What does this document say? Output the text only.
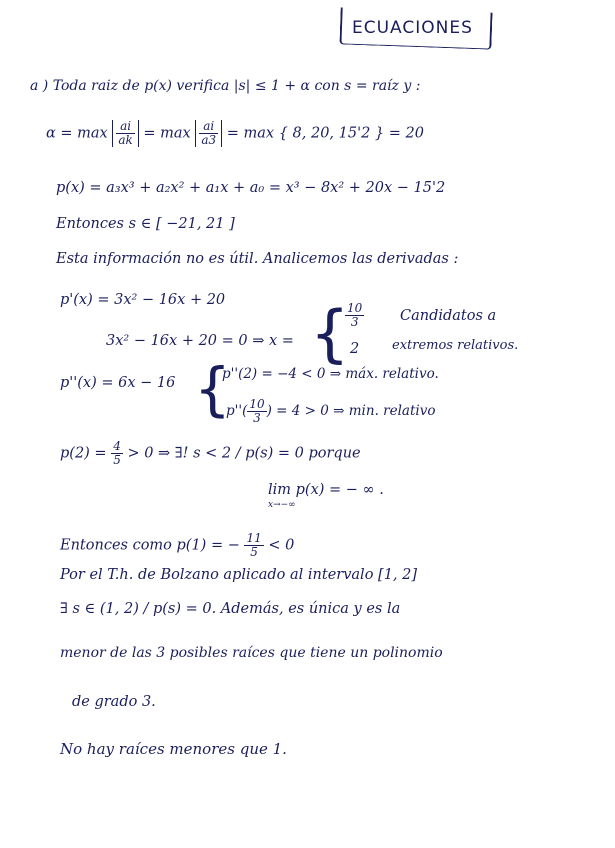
ECUACIONES
a ) Toda raiz de p(x) verifica |s| ≤ 1 + α con s = raíz y :
$\alpha = \max \frac{ai}{ak} = \max \frac{ai}{a3} = \max$ { 8, 20, 15'2 } = 20
p(x) = a₃x³ + a₂x² + a₁x + a₀ = x³ − 8x² + 20x − 15'2
Entonces s ∈ [ −21, 21 ]
Esta información no es útil. Analicemos las derivadas :
p'(x) = 3x² − 16x + 20
3x² − 16x + 20 = 0 ⇒ x = {
$\frac{10}{3}$
2
Candidatos a
extremos relativos.
p''(x) = 6x − 16 {
p''(2) = −4 < 0 ⇒ máx. relativo.
$p''( \frac{10}{3}$ ) = 4 > 0 ⇒ min. relativo
$p(2) = \frac{4}{5} > 0$ ⇒ ∃! s < 2 / p(s) = 0 porque
lim p(x) = − ∞ .
x→−∞
Entonces como p(1) = − $\frac{11}{5} < 0$
Por el T.h. de Bolzano aplicado al intervalo [1, 2]
∃ s ∈ (1, 2) / p(s) = 0. Además, es única y es la
menor de las 3 posibles raíces que tiene un polinomio
de grado 3.
No hay raíces menores que 1.
